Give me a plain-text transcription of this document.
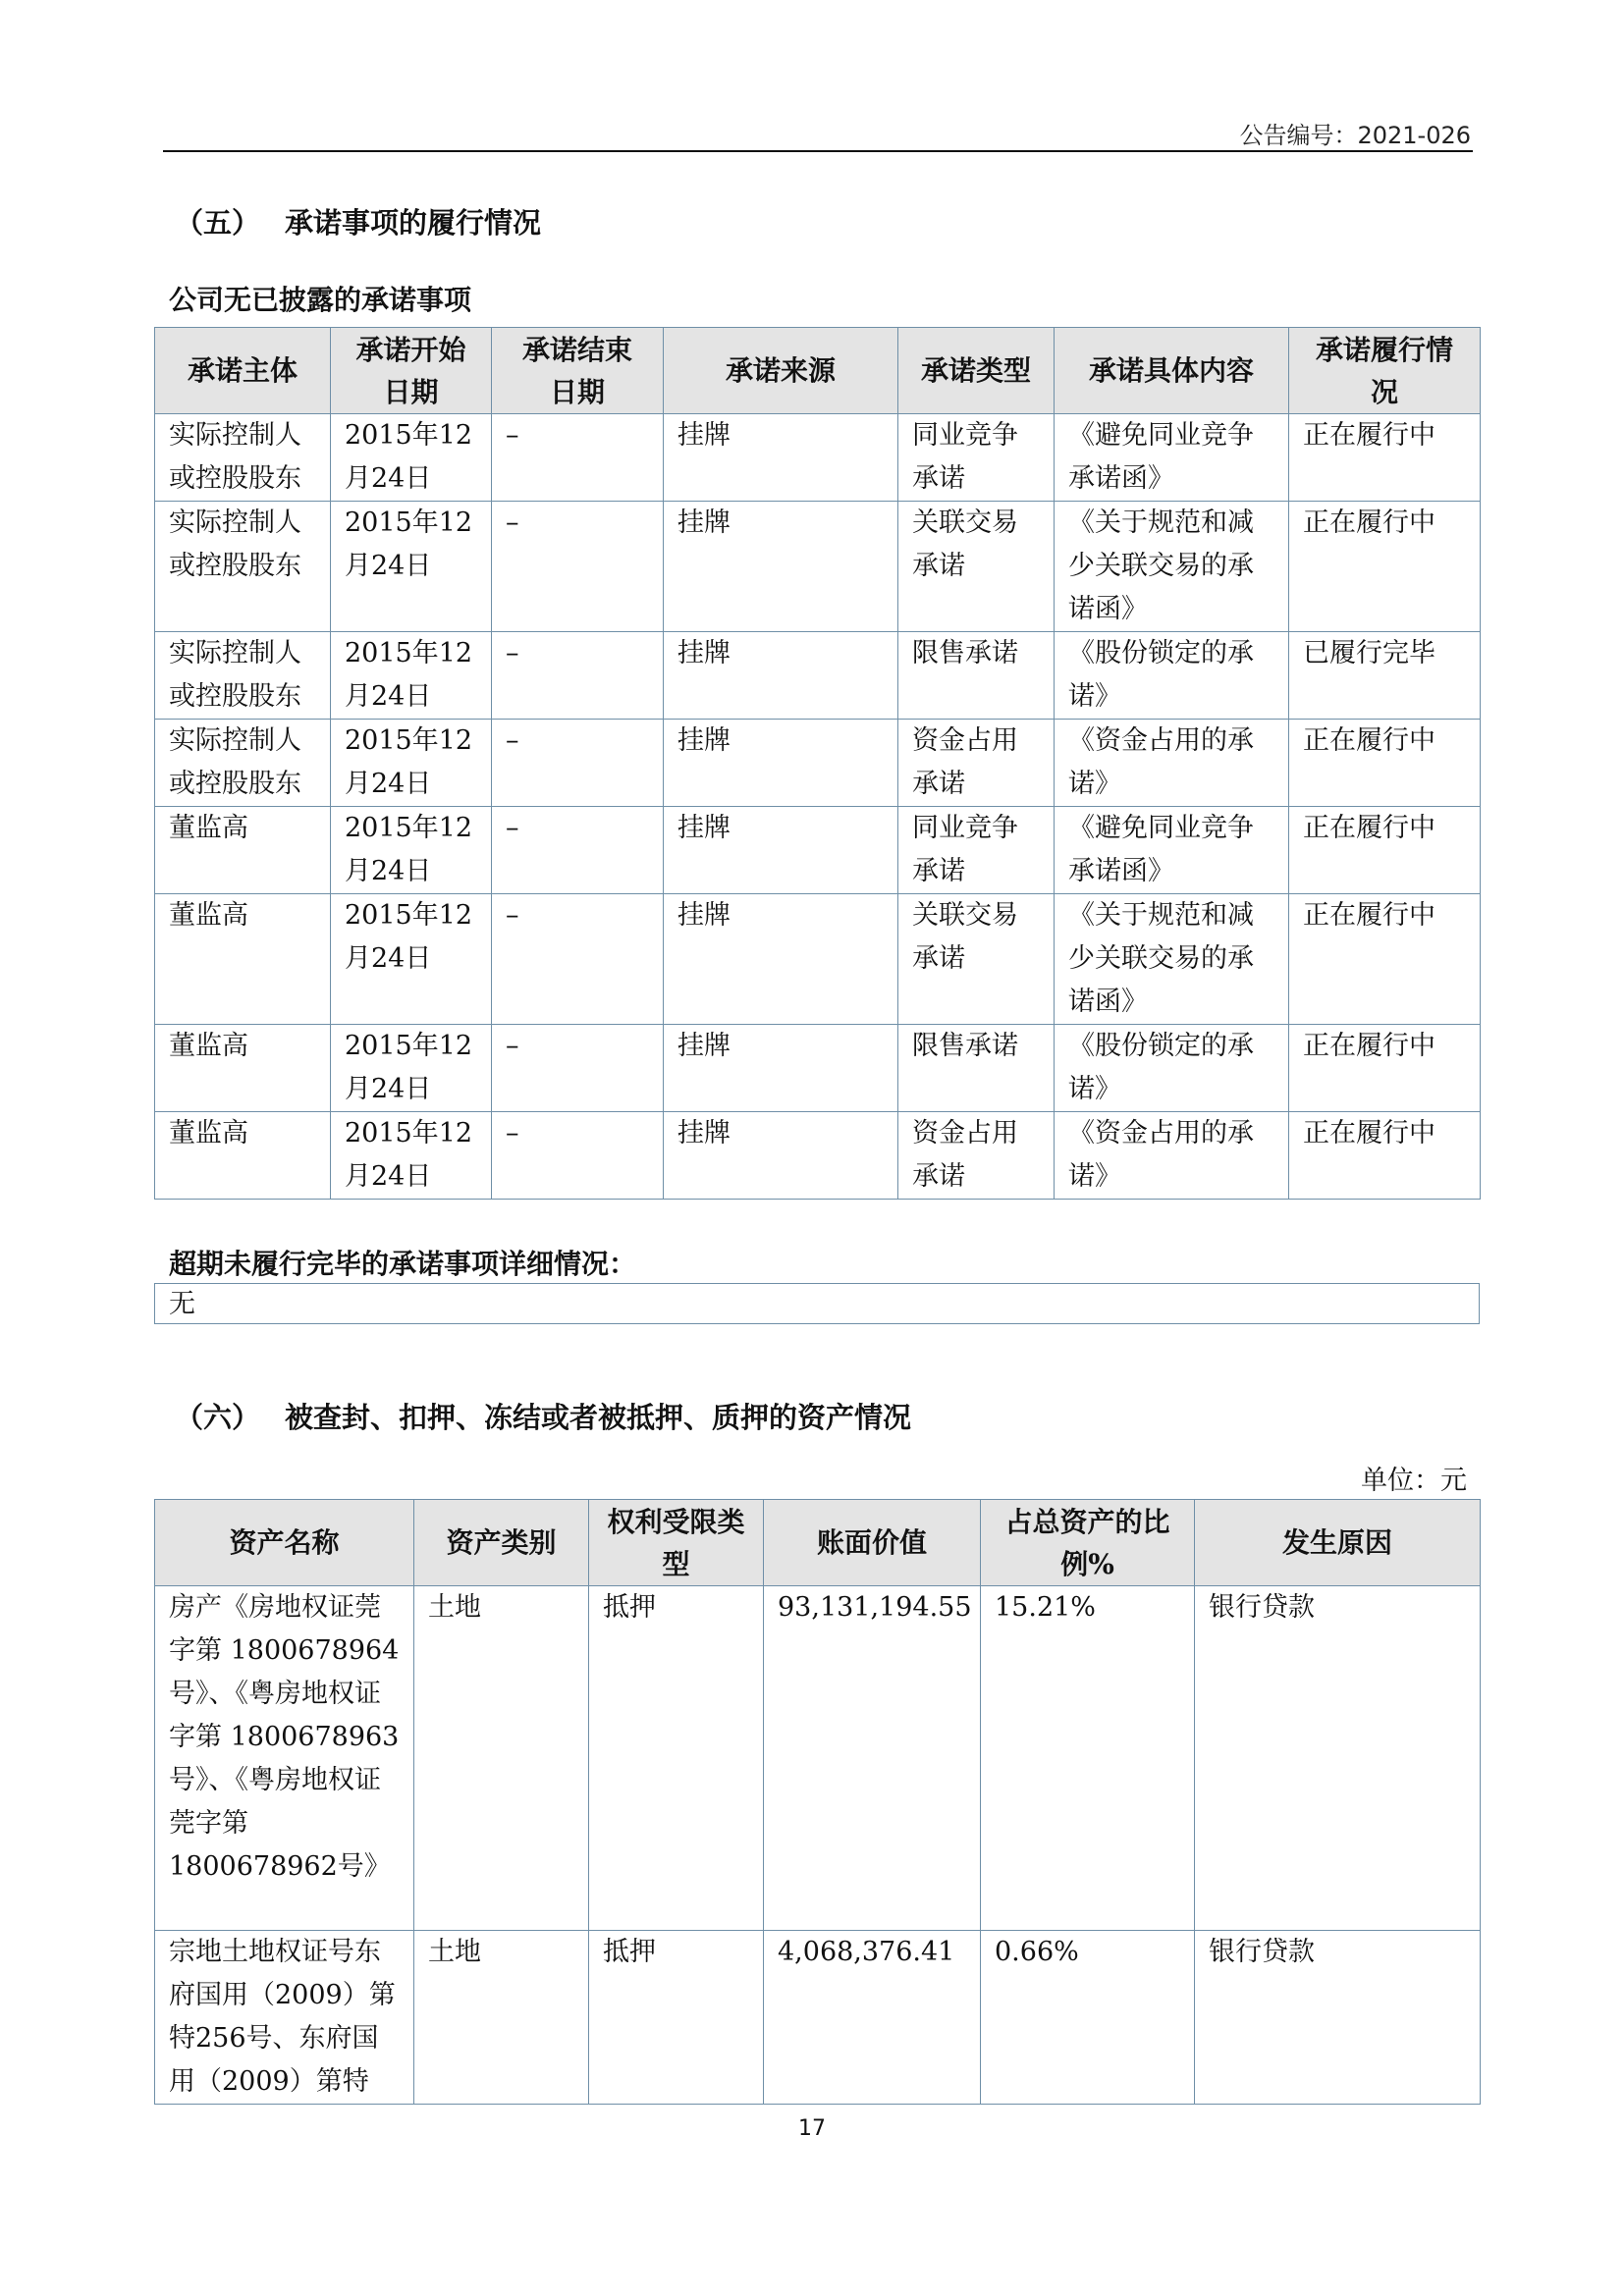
公告编号：2021-026
（五） 承诺事项的履行情况
公司无已披露的承诺事项
承诺主体	承诺开始日期	承诺结束日期	承诺来源	承诺类型	承诺具体内容	承诺履行情况
实际控制人或控股股东	2015年12月24日	–	挂牌	同业竞争承诺	《避免同业竞争承诺函》	正在履行中
实际控制人或控股股东	2015年12月24日	–	挂牌	关联交易承诺	《关于规范和减少关联交易的承诺函》	正在履行中
实际控制人或控股股东	2015年12月24日	–	挂牌	限售承诺	《股份锁定的承诺》	已履行完毕
实际控制人或控股股东	2015年12月24日	–	挂牌	资金占用承诺	《资金占用的承诺》	正在履行中
董监高	2015年12月24日	–	挂牌	同业竞争承诺	《避免同业竞争承诺函》	正在履行中
董监高	2015年12月24日	–	挂牌	关联交易承诺	《关于规范和减少关联交易的承诺函》	正在履行中
董监高	2015年12月24日	–	挂牌	限售承诺	《股份锁定的承诺》	正在履行中
董监高	2015年12月24日	–	挂牌	资金占用承诺	《资金占用的承诺》	正在履行中
超期未履行完毕的承诺事项详细情况：
无
（六） 被查封、扣押、冻结或者被抵押、质押的资产情况
单位：元
资产名称	资产类别	权利受限类型	账面价值	占总资产的比例%	发生原因
房产《房地权证莞字第 1800678964号》、《粤房地权证字第 1800678963号》、《粤房地权证莞字第 1800678962号》	土地	抵押	93,131,194.55	15.21%	银行贷款
宗地土地权证号东府国用（2009）第特256号、东府国用（2009）第特	土地	抵押	4,068,376.41	0.66%	银行贷款
17
